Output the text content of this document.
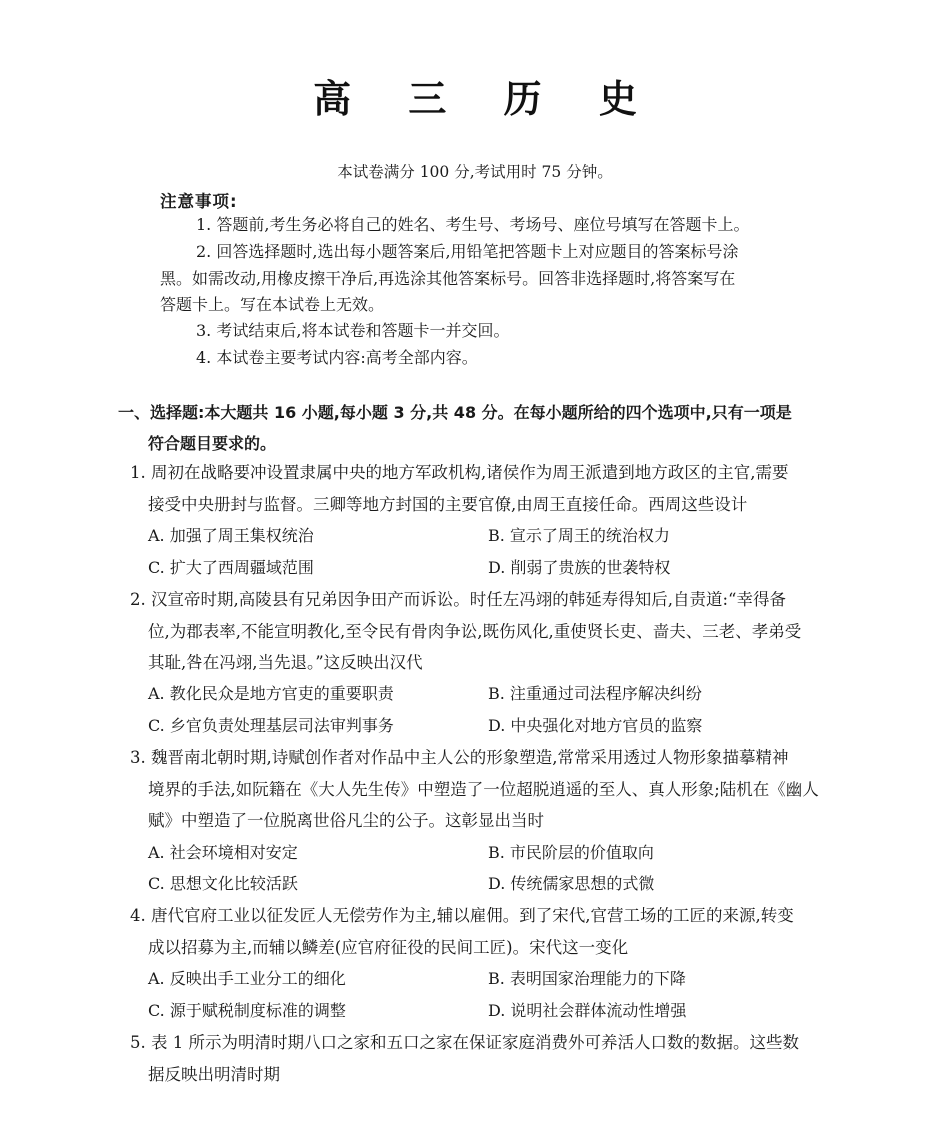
高 三 历 史
本试卷满分 100 分,考试用时 75 分钟。
注意事项:
1. 答题前,考生务必将自己的姓名、考生号、考场号、座位号填写在答题卡上。
2. 回答选择题时,选出每小题答案后,用铅笔把答题卡上对应题目的答案标号涂
黑。如需改动,用橡皮擦干净后,再选涂其他答案标号。回答非选择题时,将答案写在
答题卡上。写在本试卷上无效。
3. 考试结束后,将本试卷和答题卡一并交回。
4. 本试卷主要考试内容:高考全部内容。
一、选择题:本大题共 16 小题,每小题 3 分,共 48 分。在每小题所给的四个选项中,只有一项是
符合题目要求的。
1. 周初在战略要冲设置隶属中央的地方军政机构,诸侯作为周王派遣到地方政区的主官,需要
接受中央册封与监督。三卿等地方封国的主要官僚,由周王直接任命。西周这些设计
A. 加强了周王集权统治	B. 宣示了周王的统治权力
C. 扩大了西周疆域范围	D. 削弱了贵族的世袭特权
2. 汉宣帝时期,高陵县有兄弟因争田产而诉讼。时任左冯翊的韩延寿得知后,自责道:“幸得备
位,为郡表率,不能宣明教化,至令民有骨肉争讼,既伤风化,重使贤长吏、啬夫、三老、孝弟受
其耻,咎在冯翊,当先退。”这反映出汉代
A. 教化民众是地方官吏的重要职责	B. 注重通过司法程序解决纠纷
C. 乡官负责处理基层司法审判事务	D. 中央强化对地方官员的监察
3. 魏晋南北朝时期,诗赋创作者对作品中主人公的形象塑造,常常采用透过人物形象描摹精神
境界的手法,如阮籍在《大人先生传》中塑造了一位超脱逍遥的至人、真人形象;陆机在《幽人
赋》中塑造了一位脱离世俗凡尘的公子。这彰显出当时
A. 社会环境相对安定	B. 市民阶层的价值取向
C. 思想文化比较活跃	D. 传统儒家思想的式微
4. 唐代官府工业以征发匠人无偿劳作为主,辅以雇佣。到了宋代,官营工场的工匠的来源,转变
成以招募为主,而辅以鳞差(应官府征役的民间工匠)。宋代这一变化
A. 反映出手工业分工的细化	B. 表明国家治理能力的下降
C. 源于赋税制度标准的调整	D. 说明社会群体流动性增强
5. 表 1 所示为明清时期八口之家和五口之家在保证家庭消费外可养活人口数的数据。这些数
据反映出明清时期
